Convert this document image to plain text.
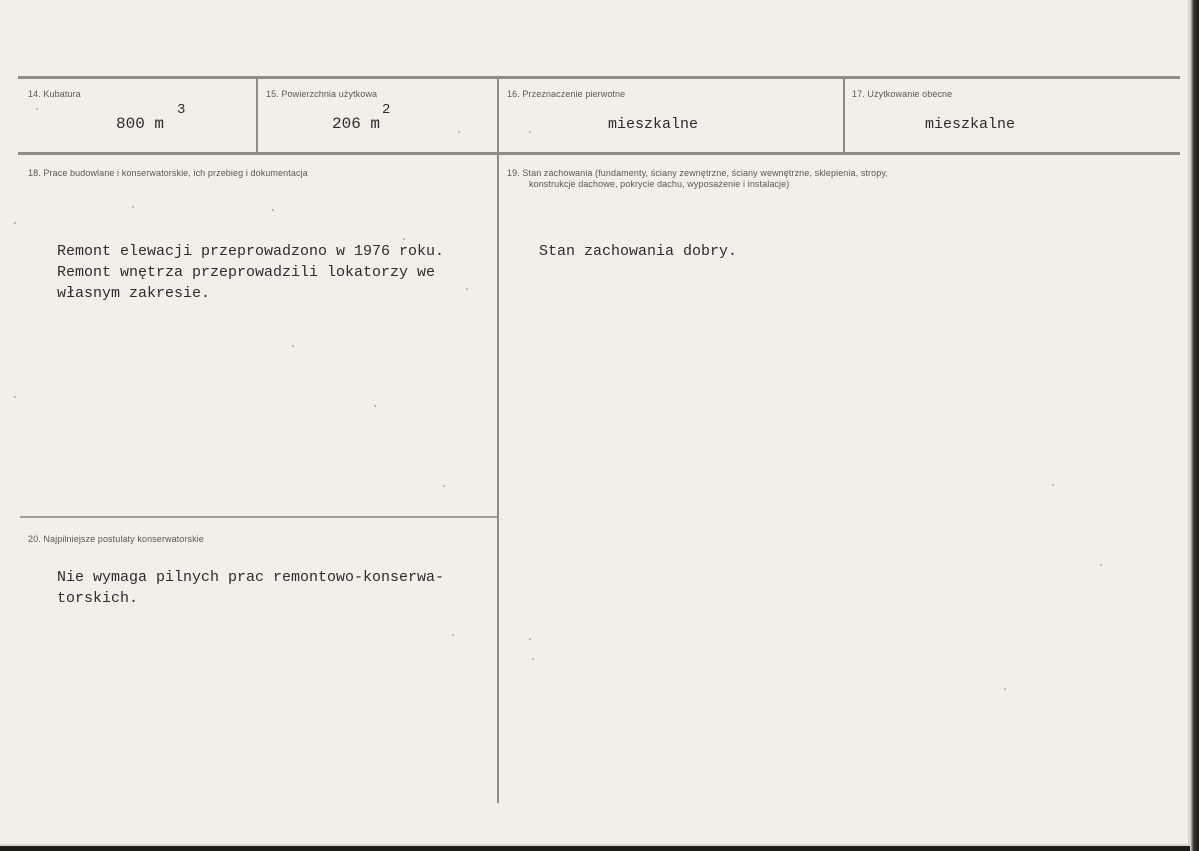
14. Kubatura
800 m
3
15. Powierzchnia użytkowa
206 m
2
16. Przeznaczenie pierwotne
mieszkalne
17. Użytkowanie obecne
mieszkalne
18. Prace budowlane i konserwatorskie, ich przebieg i dokumentacja
Remont elewacji przeprowadzono w 1976 roku.
Remont wnętrza przeprowadzili lokatorzy we
własnym zakresie.
19. Stan zachowania (fundamenty, ściany zewnętrzne, ściany wewnętrzne, sklepienia, stropy,
konstrukcje dachowe, pokrycie dachu, wyposażenie i instalacje)
Stan zachowania dobry.
20. Najpilniejsze postulaty konserwatorskie
Nie wymaga pilnych prac remontowo-konserwa-
torskich.
